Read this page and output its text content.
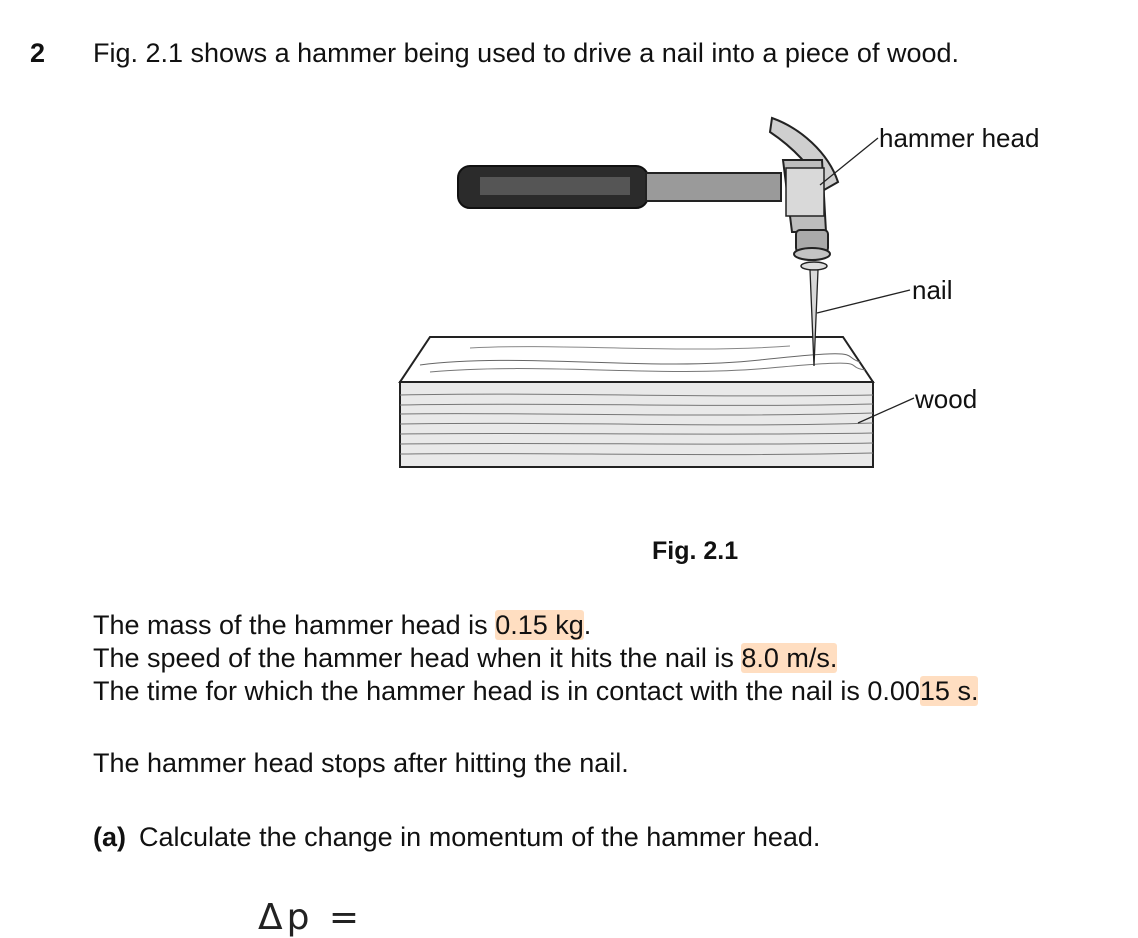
2 Fig. 2.1 shows a hammer being used to drive a nail into a piece of wood.
hammer head
nail
wood
Fig. 2.1
The mass of the hammer head is 0.15 kg.
The speed of the hammer head when it hits the nail is 8.0 m/s.
The time for which the hammer head is in contact with the nail is 0.0015 s.
The hammer head stops after hitting the nail.
(a) Calculate the change in momentum of the hammer head.
Δp =
